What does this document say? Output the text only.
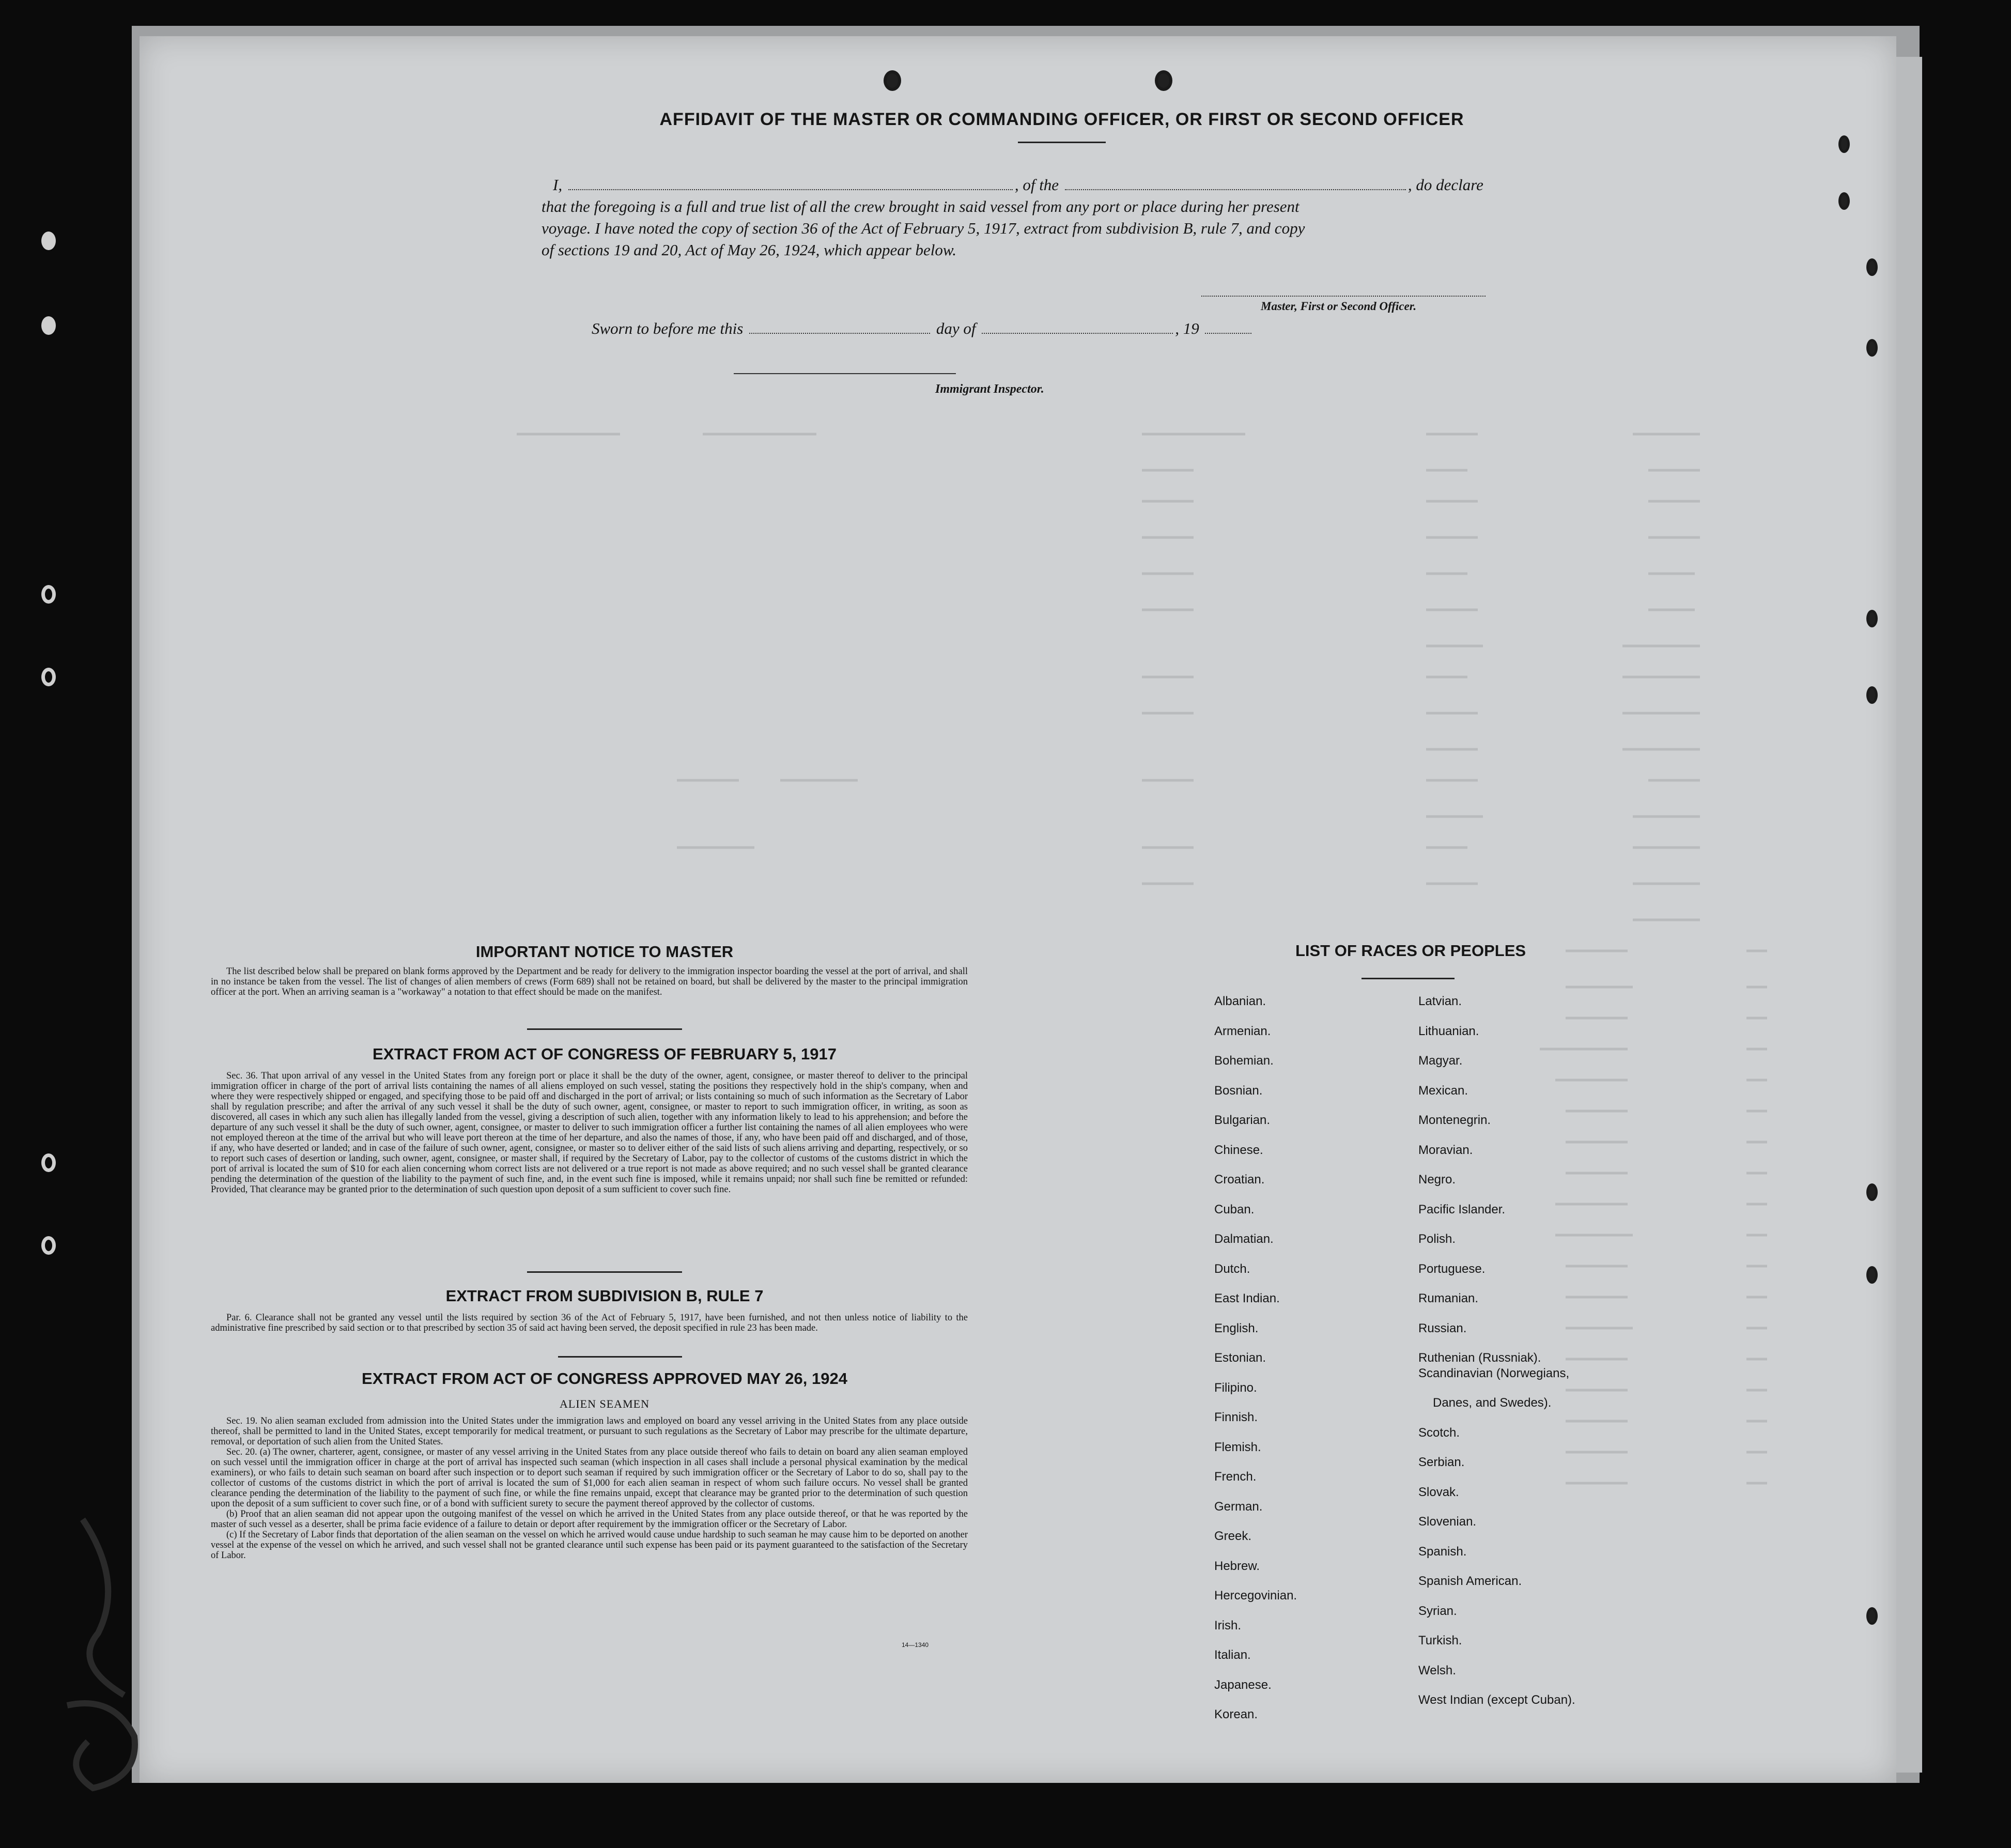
AFFIDAVIT OF THE MASTER OR COMMANDING OFFICER, OR FIRST OR SECOND OFFICER
I,	, of the	, do declare
that the foregoing is a full and true list of all the crew brought in said vessel from any port or place during her present
voyage. I have noted the copy of section 36 of the Act of February 5, 1917, extract from subdivision B, rule 7, and copy
of sections 19 and 20, Act of May 26, 1924, which appear below.
Master, First or Second Officer.
Sworn to before me this	day of	, 19
Immigrant Inspector.
IMPORTANT NOTICE TO MASTER

The list described below shall be prepared on blank forms approved by the Department and be ready for delivery to the immigration inspector boarding the vessel at the port of arrival, and shall in no instance be taken from the vessel. The list of changes of alien members of crews (Form 689) shall not be retained on board, but shall be delivered by the master to the principal immigration officer at the port. When an arriving seaman is a "workaway" a notation to that effect should be made on the manifest.

EXTRACT FROM ACT OF CONGRESS OF FEBRUARY 5, 1917

Sec. 36. That upon arrival of any vessel in the United States from any foreign port or place it shall be the duty of the owner, agent, consignee, or master thereof to deliver to the principal immigration officer in charge of the port of arrival lists containing the names of all aliens employed on such vessel, stating the positions they respectively hold in the ship's company, when and where they were respectively shipped or engaged, and specifying those to be paid off and discharged in the port of arrival; or lists containing so much of such information as the Secretary of Labor shall by regulation prescribe; and after the arrival of any such vessel it shall be the duty of such owner, agent, consignee, or master to report to such immigration officer, in writing, as soon as discovered, all cases in which any such alien has illegally landed from the vessel, giving a description of such alien, together with any information likely to lead to his apprehension; and before the departure of any such vessel it shall be the duty of such owner, agent, consignee, or master to deliver to such immigration officer a further list containing the names of all alien employees who were not employed thereon at the time of the arrival but who will leave port thereon at the time of her departure, and also the names of those, if any, who have been paid off and discharged, and of those, if any, who have deserted or landed; and in case of the failure of such owner, agent, consignee, or master so to deliver either of the said lists of such aliens arriving and departing, respectively, or so to report such cases of desertion or landing, such owner, agent, consignee, or master shall, if required by the Secretary of Labor, pay to the collector of customs of the customs district in which the port of arrival is located the sum of $10 for each alien concerning whom correct lists are not delivered or a true report is not made as above required; and no such vessel shall be granted clearance pending the determination of the question of the liability to the payment of such fine, and, in the event such fine is imposed, while it remains unpaid; nor shall such fine be remitted or refunded: Provided, That clearance may be granted prior to the determination of such question upon deposit of a sum sufficient to cover such fine.

EXTRACT FROM SUBDIVISION B, RULE 7

Par. 6. Clearance shall not be granted any vessel until the lists required by section 36 of the Act of February 5, 1917, have been furnished, and not then unless notice of liability to the administrative fine prescribed by said section or to that prescribed by section 35 of said act having been served, the deposit specified in rule 23 has been made.

EXTRACT FROM ACT OF CONGRESS APPROVED MAY 26, 1924
ALIEN SEAMEN

Sec. 19. No alien seaman excluded from admission into the United States under the immigration laws and employed on board any vessel arriving in the United States from any place outside thereof, shall be permitted to land in the United States, except temporarily for medical treatment, or pursuant to such regulations as the Secretary of Labor may prescribe for the ultimate departure, removal, or deportation of such alien from the United States.

Sec. 20. (a) The owner, charterer, agent, consignee, or master of any vessel arriving in the United States from any place outside thereof who fails to detain on board any alien seaman employed on such vessel until the immigration officer in charge at the port of arrival has inspected such seaman (which inspection in all cases shall include a personal physical examination by the medical examiners), or who fails to detain such seaman on board after such inspection or to deport such seaman if required by such immigration officer or the Secretary of Labor to do so, shall pay to the collector of customs of the customs district in which the port of arrival is located the sum of $1,000 for each alien seaman in respect of whom such failure occurs. No vessel shall be granted clearance pending the determination of the liability to the payment of such fine, or while the fine remains unpaid, except that clearance may be granted prior to the determination of such question upon the deposit of a sum sufficient to cover such fine, or of a bond with sufficient surety to secure the payment thereof approved by the collector of customs.

(b) Proof that an alien seaman did not appear upon the outgoing manifest of the vessel on which he arrived in the United States from any place outside thereof, or that he was reported by the master of such vessel as a deserter, shall be prima facie evidence of a failure to detain or deport after requirement by the immigration officer or the Secretary of Labor.

(c) If the Secretary of Labor finds that deportation of the alien seaman on the vessel on which he arrived would cause undue hardship to such seaman he may cause him to be deported on another vessel at the expense of the vessel on which he arrived, and such vessel shall not be granted clearance until such expense has been paid or its payment guaranteed to the satisfaction of the Secretary of Labor.

14—1340
LIST OF RACES OR PEOPLES
Albanian.
Armenian.
Bohemian.
Bosnian.
Bulgarian.
Chinese.
Croatian.
Cuban.
Dalmatian.
Dutch.
East Indian.
English.
Estonian.
Filipino.
Finnish.
Flemish.
French.
German.
Greek.
Hebrew.
Hercegovinian.
Irish.
Italian.
Japanese.
Korean.
Latvian.
Lithuanian.
Magyar.
Mexican.
Montenegrin.
Moravian.
Negro.
Pacific Islander.
Polish.
Portuguese.
Rumanian.
Russian.
Ruthenian (Russniak).
Scandinavian (Norwegians,
Danes, and Swedes).
Scotch.
Serbian.
Slovak.
Slovenian.
Spanish.
Spanish American.
Syrian.
Turkish.
Welsh.
West Indian (except Cuban).
